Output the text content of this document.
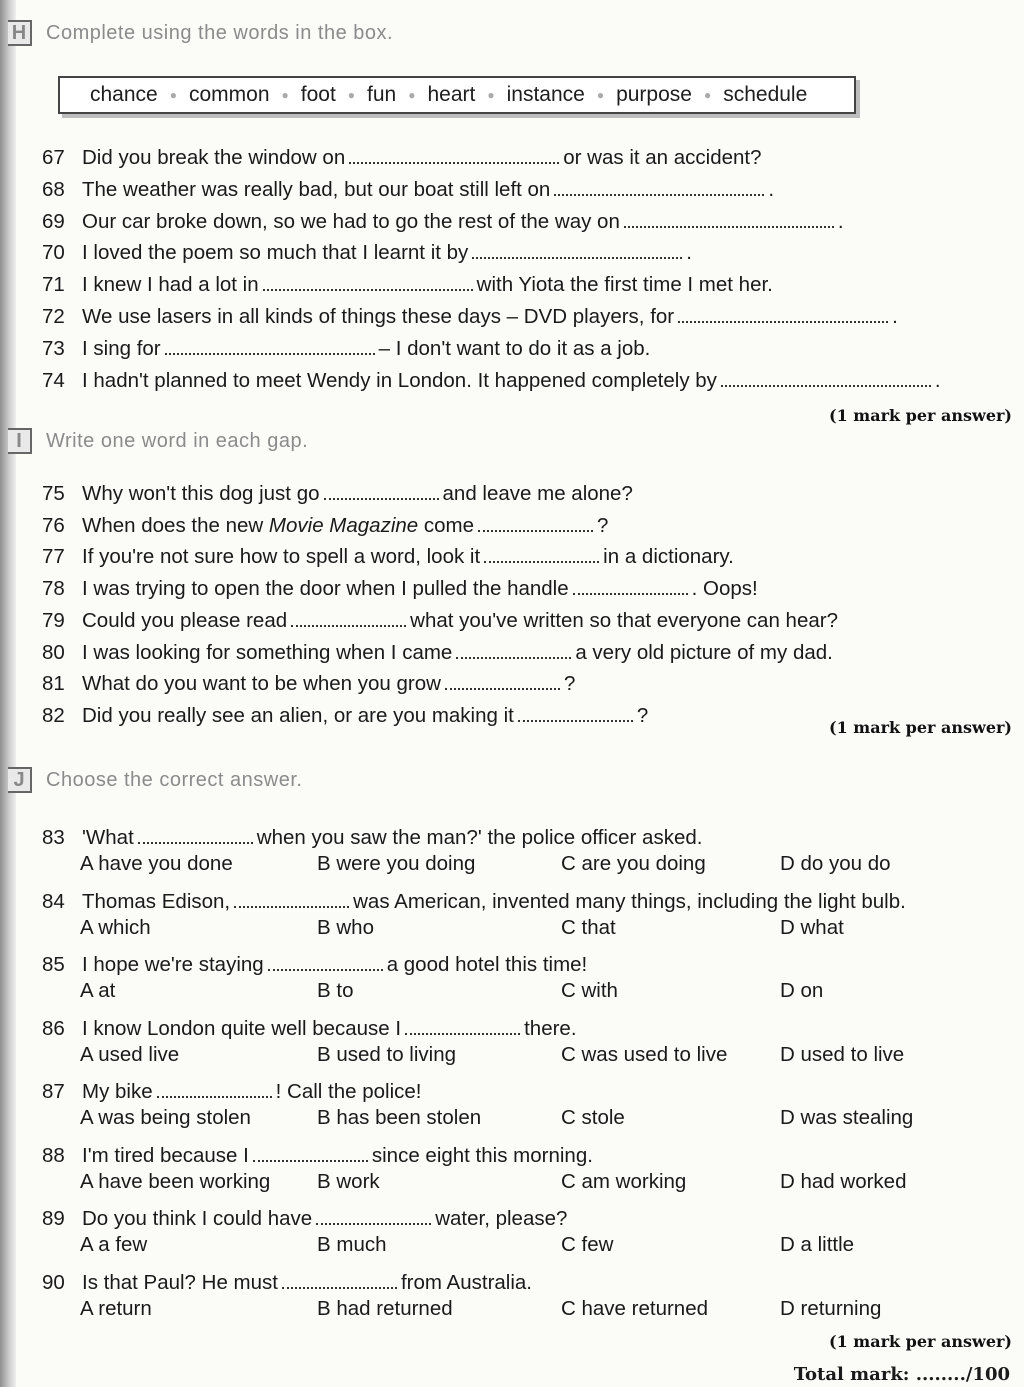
H Complete using the words in the box.
chance ● common ● foot ● fun ● heart ● instance ● purpose ● schedule
67 Did you break the window on	or was it an accident?
68 The weather was really bad, but our boat still left on	.
69 Our car broke down, so we had to go the rest of the way on	.
70 I loved the poem so much that I learnt it by	.
71 I knew I had a lot in	with Yiota the first time I met her.
72 We use lasers in all kinds of things these days – DVD players, for	.
73 I sing for	– I don't want to do it as a job.
74 I hadn't planned to meet Wendy in London. It happened completely by	.
(1 mark per answer)
I	Write one word in each gap.
75 Why won't this dog just go	and leave me alone?
76 When does the new Movie Magazine come	?
77 If you're not sure how to spell a word, look it	in a dictionary.
78 I was trying to open the door when I pulled the handle	. Oops!
79 Could you please read	what you've written so that everyone can hear?
80 I was looking for something when I came	a very old picture of my dad.
81 What do you want to be when you grow	?
82 Did you really see an alien, or are you making it	?
(1 mark per answer)
J	Choose the correct answer.
83 'What	when you saw the man?' the police officer asked.
A have you done	B were you doing	C are you doing	D do you do
84 Thomas Edison,	was American, invented many things, including the light bulb.
A which	B who	C that	D what
85 I hope we're staying	a good hotel this time!
A at	B to	C with	D on
86 I know London quite well because I	there.
A used live	B used to living	C was used to live	D used to live
87 My bike	! Call the police!
A was being stolen	B has been stolen	C stole	D was stealing
88 I'm tired because I	since eight this morning.
A have been working B work	C am working	D had worked
89 Do you think I could have	water, please?
A a few	B much	C few	D a little
90 Is that Paul? He must	from Australia.
A return	B had returned	C have returned	D returning
(1 mark per answer)
Total mark: ......../100
